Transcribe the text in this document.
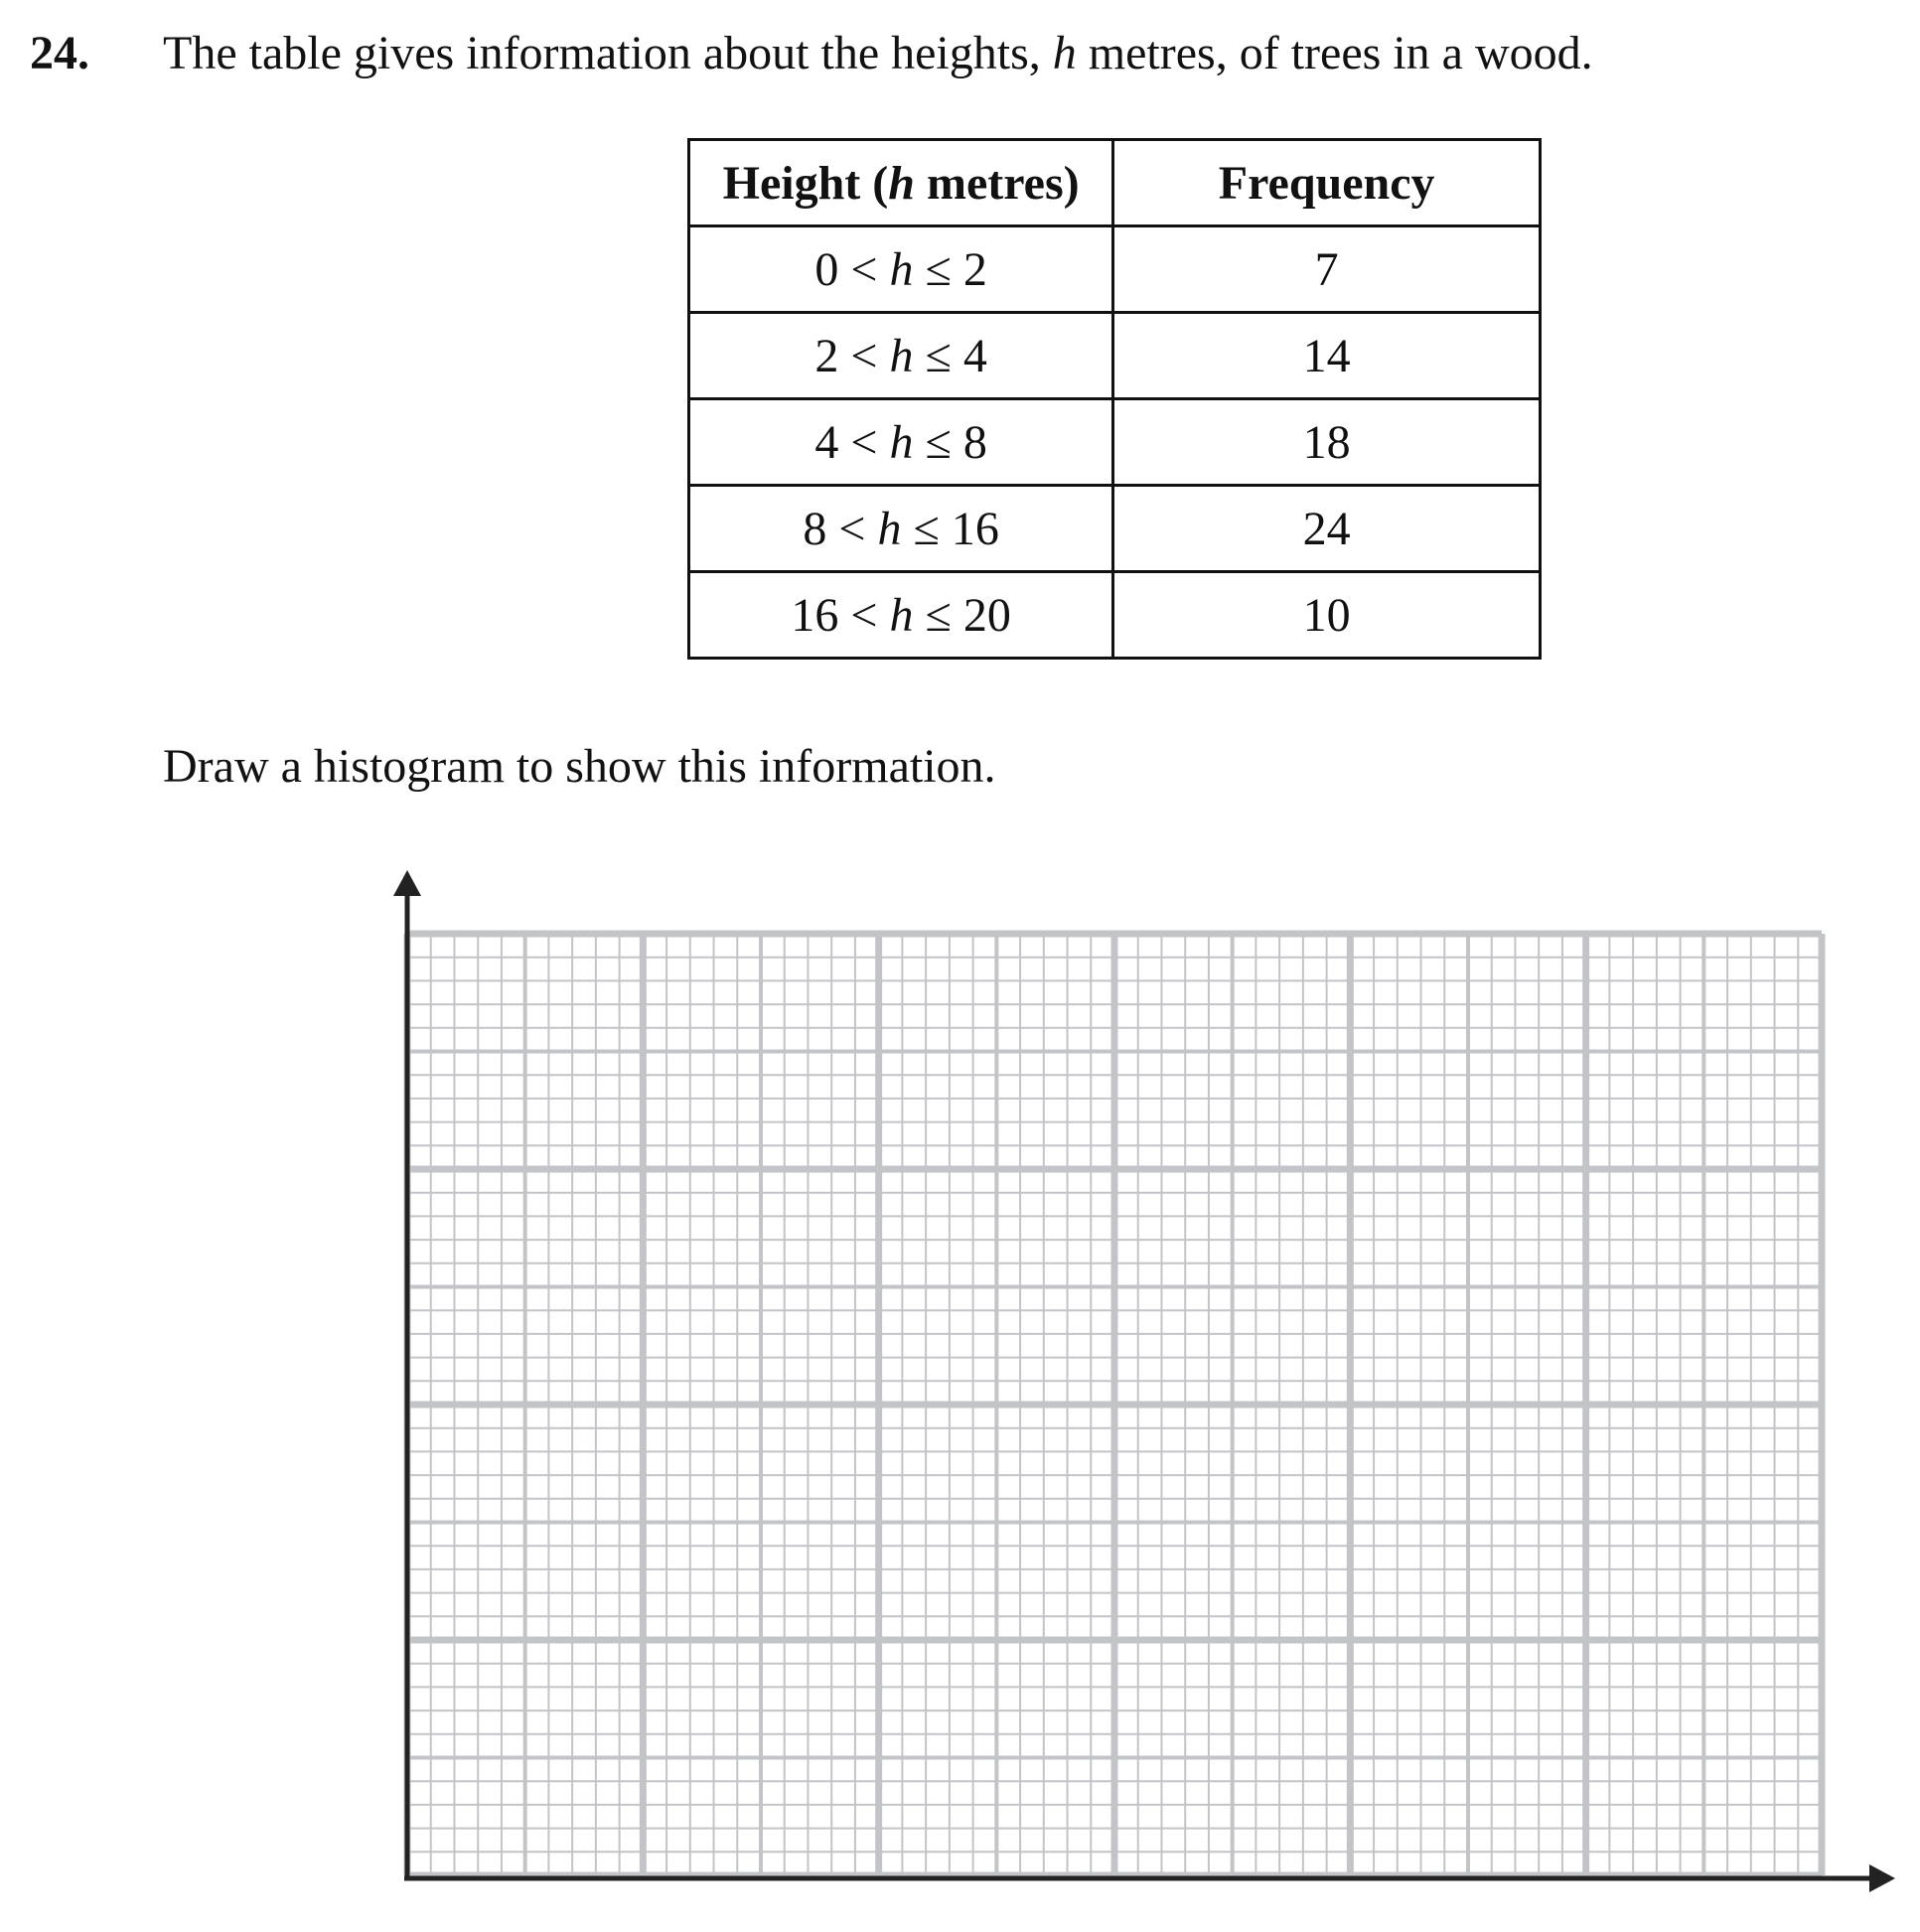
24. The table gives information about the heights, h metres, of trees in a wood.
Height (h metres)	Frequency
0 < h ≤ 2	7
2 < h ≤ 4	14
4 < h ≤ 8	18
8 < h ≤ 16	24
16 < h ≤ 20	10
Draw a histogram to show this information.
